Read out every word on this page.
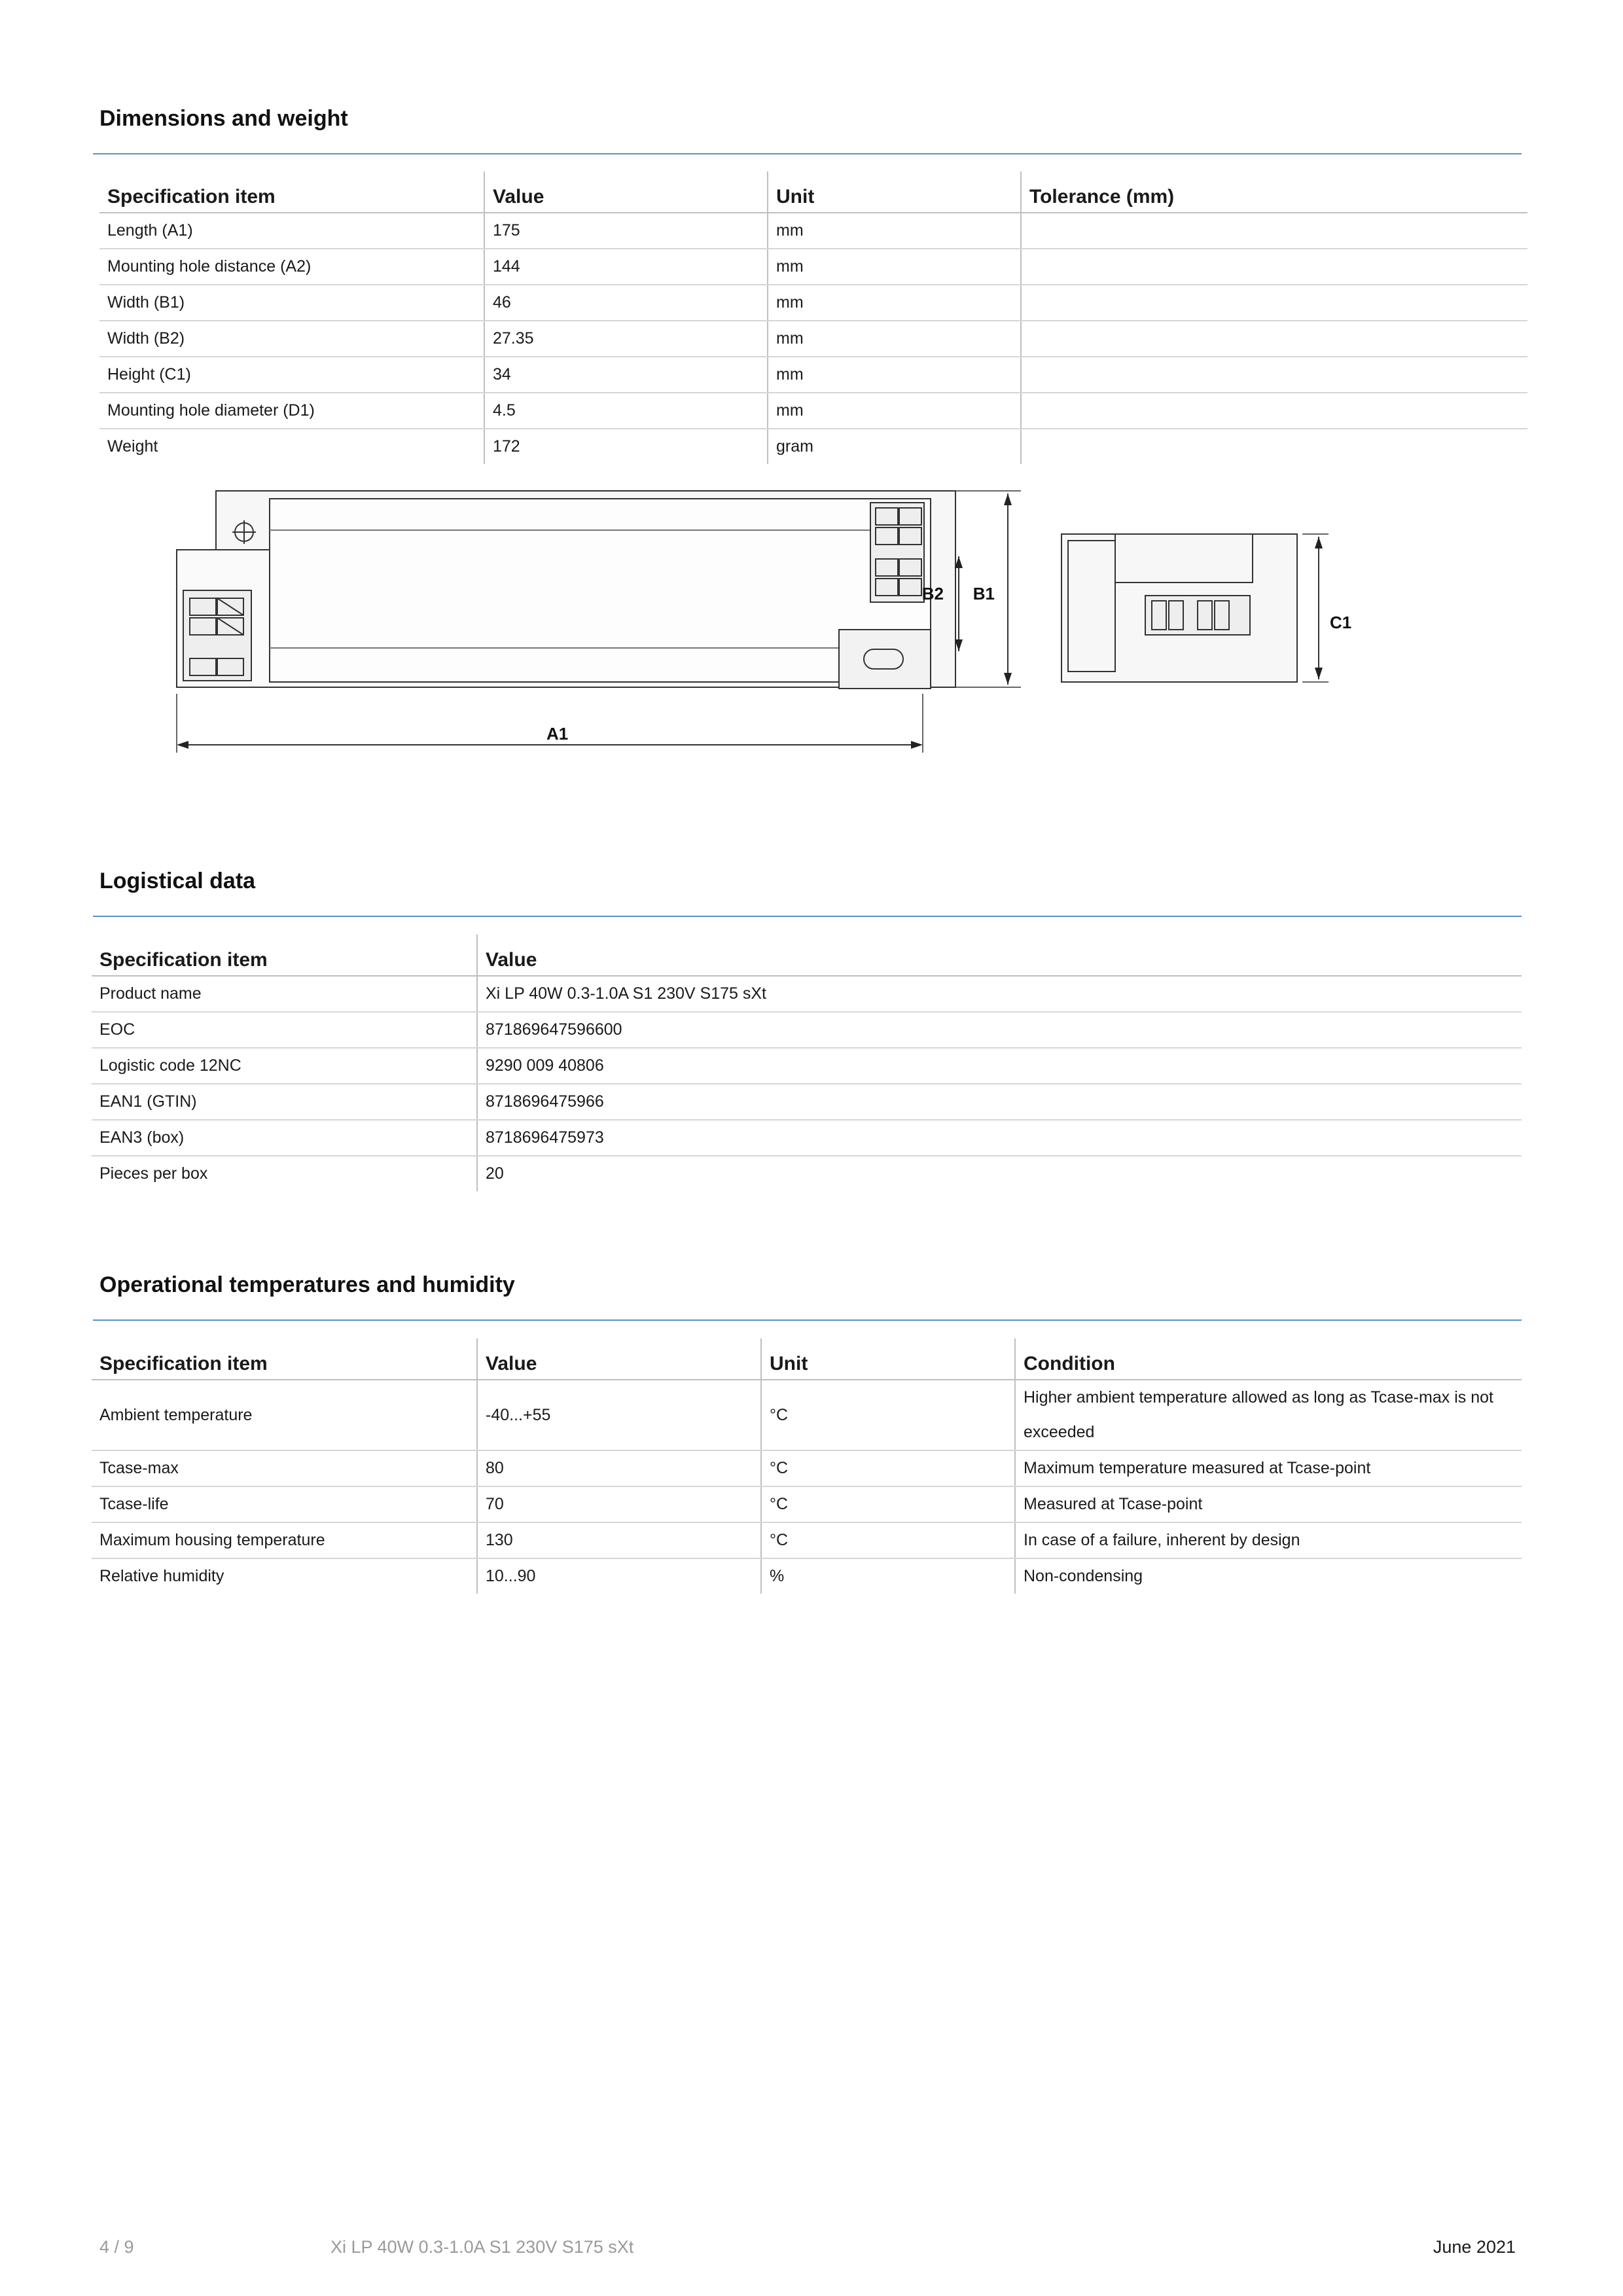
Dimensions and weight
Specification item	Value	Unit	Tolerance (mm)
Length (A1)	175	mm	
Mounting hole distance (A2)	144	mm	
Width (B1)	46	mm	
Width (B2)	27.35	mm	
Height (C1)	34	mm	
Mounting hole diameter (D1)	4.5	mm	
Weight	172	gram	
A1
B2 B1
C1
Logistical data
Specification item	Value
Product name	Xi LP 40W 0.3-1.0A S1 230V S175 sXt
EOC	871869647596600
Logistic code 12NC	9290 009 40806
EAN1 (GTIN)	8718696475966
EAN3 (box)	8718696475973
Pieces per box	20
Operational temperatures and humidity
Specification item	Value	Unit	Condition
Ambient temperature	-40...+55	°C	Higher ambient temperature allowed as long as Tcase-max is not exceeded
Tcase-max	80	°C	Maximum temperature measured at Tcase-point
Tcase-life	70	°C	Measured at Tcase-point
Maximum housing temperature	130	°C	In case of a failure, inherent by design
Relative humidity	10...90	%	Non-condensing
4 / 9	Xi LP 40W 0.3-1.0A S1 230V S175 sXt	June 2021
